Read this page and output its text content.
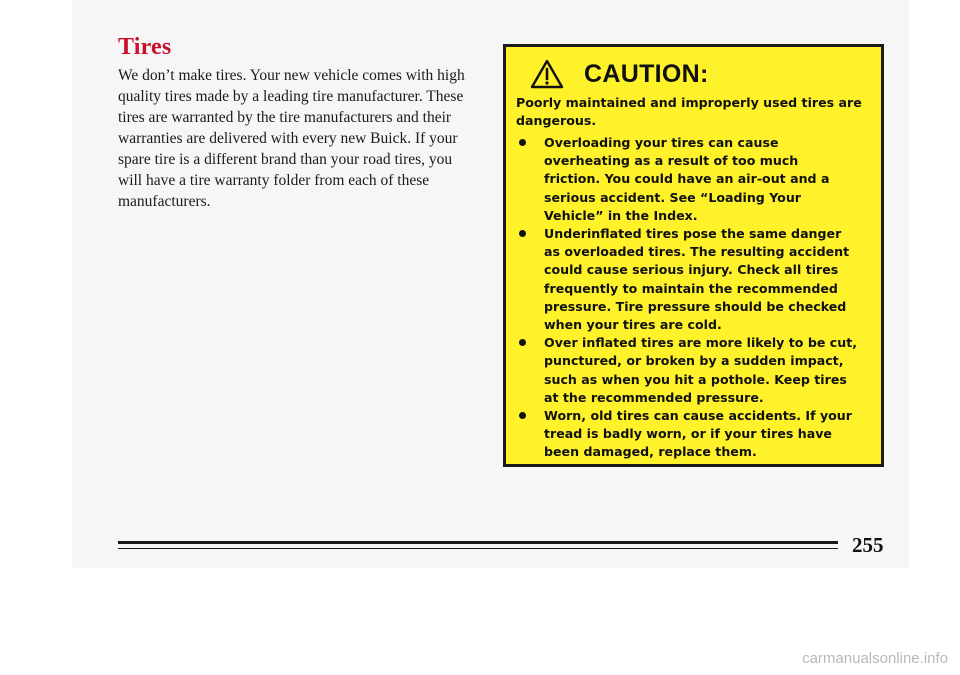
Tires

We don’t make tires. Your new vehicle comes with high
quality tires made by a leading tire manufacturer. These
tires are warranted by the tire manufacturers and their
warranties are delivered with every new Buick. If your
spare tire is a different brand than your road tires, you
will have a tire warranty folder from each of these
manufacturers.

CAUTION:

Poorly maintained and improperly used tires are
dangerous.

Overloading your tires can cause
overheating as a result of too much
friction. You could have an air-out and a
serious accident. See “Loading Your
Vehicle” in the Index.
Underinflated tires pose the same danger
as overloaded tires. The resulting accident
could cause serious injury. Check all tires
frequently to maintain the recommended
pressure. Tire pressure should be checked
when your tires are cold.
Over inflated tires are more likely to be cut,
punctured, or broken by a sudden impact,
such as when you hit a pothole. Keep tires
at the recommended pressure.
Worn, old tires can cause accidents. If your
tread is badly worn, or if your tires have
been damaged, replace them.

255

carmanualsonline.info
